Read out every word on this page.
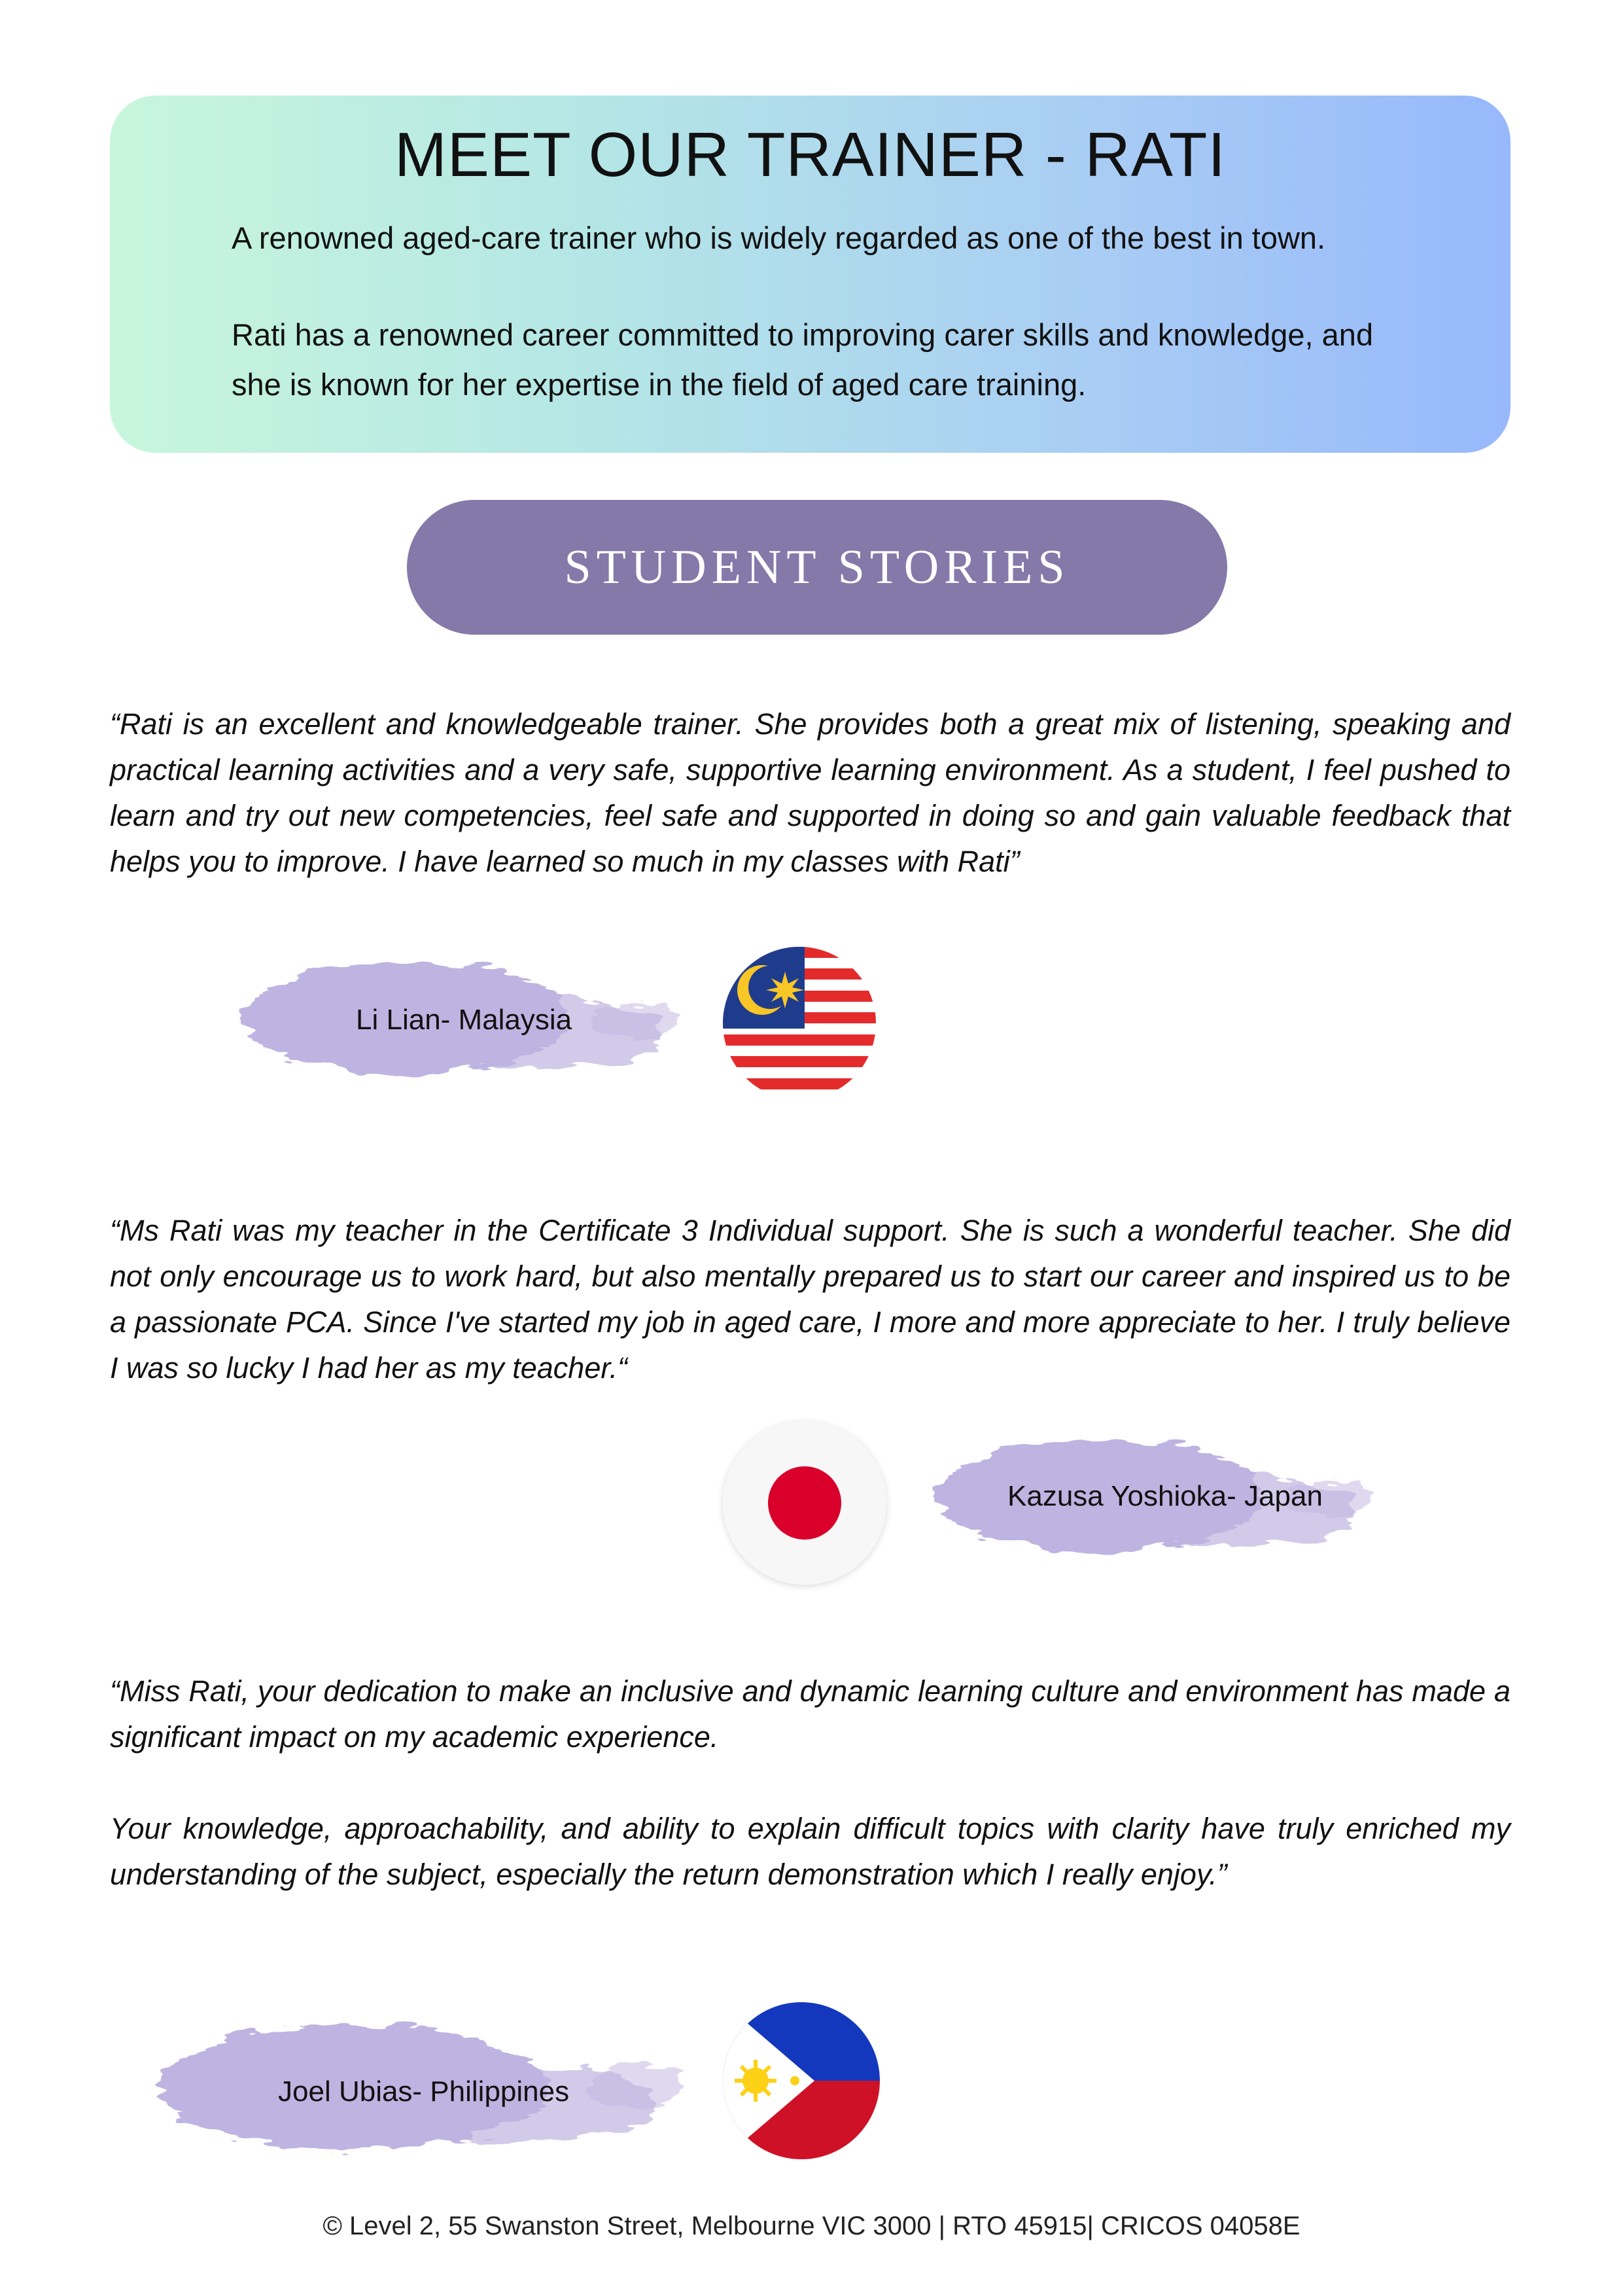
MEET OUR TRAINER - RATI
A renowned aged-care trainer who is widely regarded as one of the best in town.
Rati has a renowned career committed to improving carer skills and knowledge, and she is known for her expertise in the field of aged care training.
STUDENT STORIES
“Rati is an excellent and knowledgeable trainer. She provides both a great mix of listening, speaking and practical learning activities and a very safe, supportive learning environment. As a student, I feel pushed to learn and try out new competencies, feel safe and supported in doing so and gain valuable feedback that helps you to improve. I have learned so much in my classes with Rati”
Li Lian- Malaysia
“Ms Rati was my teacher in the Certificate 3 Individual support. She is such a wonderful teacher. She did not only encourage us to work hard, but also mentally prepared us to start our career and inspired us to be a passionate PCA. Since I've started my job in aged care, I more and more appreciate to her. I truly believe I was so lucky I had her as my teacher.“
Kazusa Yoshioka- Japan

“Miss Rati, your dedication to make an inclusive and dynamic learning culture and environment has made a significant impact on my academic experience.

Your knowledge, approachability, and ability to explain difficult topics with clarity have truly enriched my understanding of the subject, especially the return demonstration which I really enjoy.”

Joel Ubias- Philippines
© Level 2, 55 Swanston Street, Melbourne VIC 3000 | RTO 45915| CRICOS 04058E
